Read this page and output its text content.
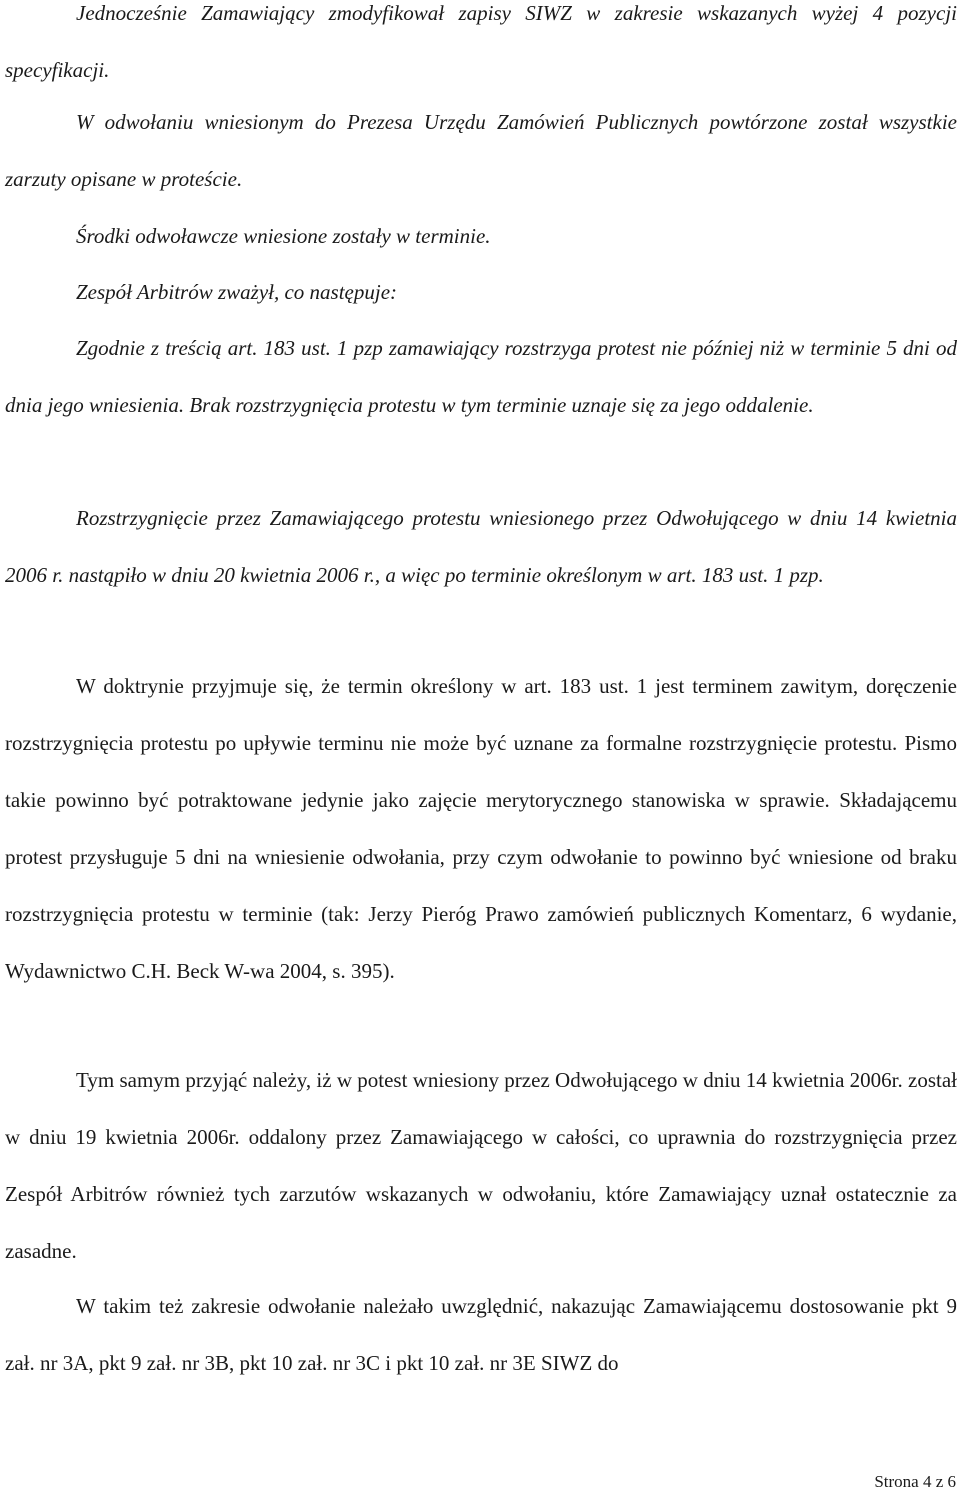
Jednocześnie Zamawiający zmodyfikował zapisy SIWZ w zakresie wskazanych wyżej 4 pozycji specyfikacji.

W odwołaniu wniesionym do Prezesa Urzędu Zamówień Publicznych powtórzone został wszystkie zarzuty opisane w proteście.

Środki odwoławcze wniesione zostały w terminie.

Zespół Arbitrów zważył, co następuje:

Zgodnie z treścią art. 183 ust. 1 pzp zamawiający rozstrzyga protest nie później niż w terminie 5 dni od dnia jego wniesienia. Brak rozstrzygnięcia protestu w tym terminie uznaje się za jego oddalenie.

Rozstrzygnięcie przez Zamawiającego protestu wniesionego przez Odwołującego w dniu 14 kwietnia 2006 r. nastąpiło w dniu 20 kwietnia 2006 r., a więc po terminie określonym w art. 183 ust. 1 pzp.

W doktrynie przyjmuje się, że termin określony w art. 183 ust. 1 jest terminem zawitym, doręczenie rozstrzygnięcia protestu po upływie terminu nie może być uznane za formalne rozstrzygnięcie protestu. Pismo takie powinno być potraktowane jedynie jako zajęcie merytorycznego stanowiska w sprawie. Składającemu protest przysługuje 5 dni na wniesienie odwołania, przy czym odwołanie to powinno być wniesione od braku rozstrzygnięcia protestu w terminie (tak: Jerzy Pieróg Prawo zamówień publicznych Komentarz, 6 wydanie, Wydawnictwo C.H. Beck W-wa 2004, s. 395).

Tym samym przyjąć należy, iż w potest wniesiony przez Odwołującego w dniu 14 kwietnia 2006r. został w dniu 19 kwietnia 2006r. oddalony przez Zamawiającego w całości, co uprawnia do rozstrzygnięcia przez Zespół Arbitrów również tych zarzutów wskazanych w odwołaniu, które Zamawiający uznał ostatecznie za zasadne.

W takim też zakresie odwołanie należało uwzględnić, nakazując Zamawiającemu dostosowanie pkt 9 zał. nr 3A, pkt 9 zał. nr 3B, pkt 10 zał. nr 3C i pkt 10 zał. nr 3E SIWZ do

Strona 4 z 6
